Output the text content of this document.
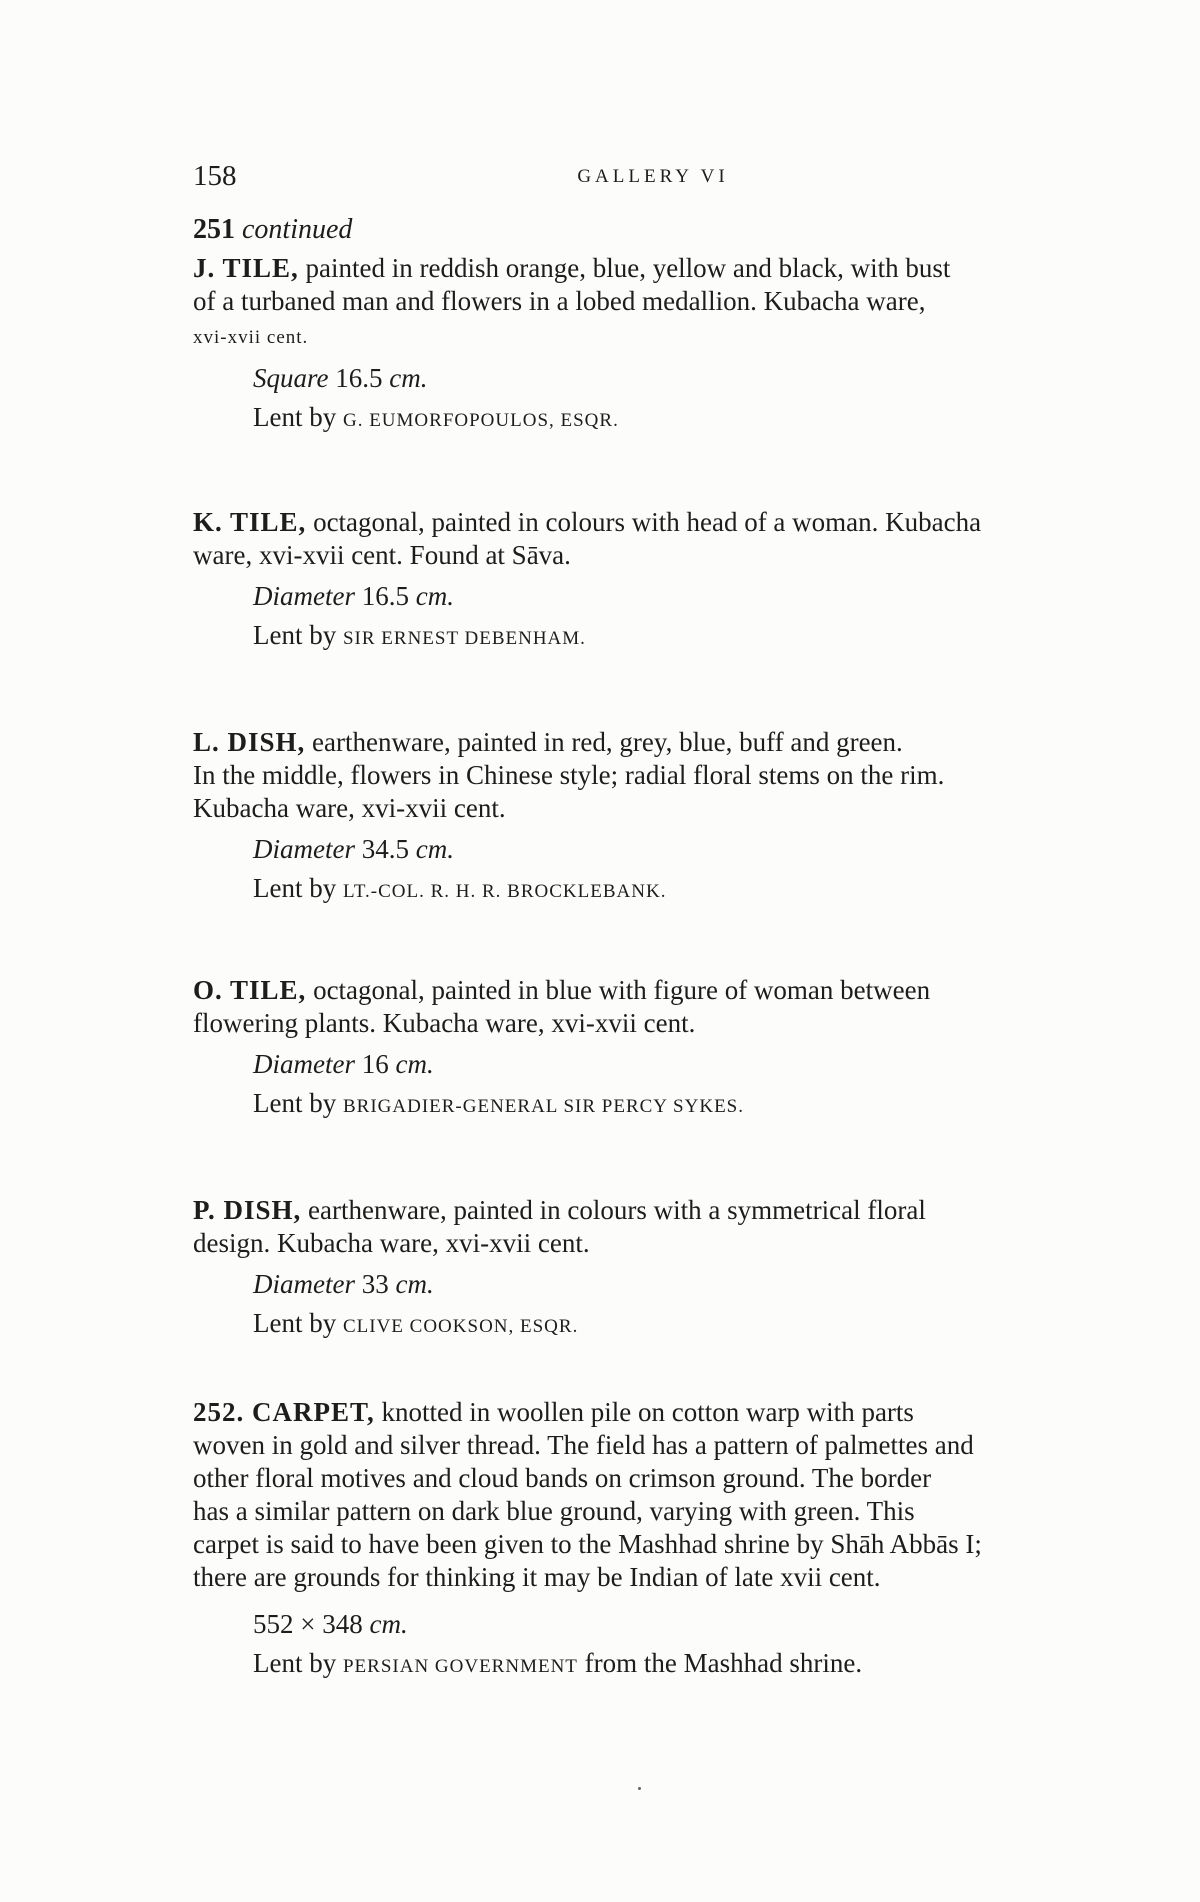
158	GALLERY VI
251 continued

J. TILE, painted in reddish orange, blue, yellow and black, with bust

of a turbaned man and flowers in a lobed medallion. Kubacha ware,

xvi-xvii cent.

Square 16.5 cm.
Lent by G. EUMORFOPOULOS, ESQR.

K. TILE, octagonal, painted in colours with head of a woman. Kubacha

ware, xvi-xvii cent. Found at Sāva.

Diameter 16.5 cm.
Lent by SIR ERNEST DEBENHAM.

L. DISH, earthenware, painted in red, grey, blue, buff and green.

In the middle, flowers in Chinese style; radial floral stems on the rim.

Kubacha ware, xvi-xvii cent.

Diameter 34.5 cm.
Lent by LT.-COL. R. H. R. BROCKLEBANK.

O. TILE, octagonal, painted in blue with figure of woman between

flowering plants. Kubacha ware, xvi-xvii cent.

Diameter 16 cm.
Lent by BRIGADIER-GENERAL SIR PERCY SYKES.

P. DISH, earthenware, painted in colours with a symmetrical floral

design. Kubacha ware, xvi-xvii cent.

Diameter 33 cm.
Lent by CLIVE COOKSON, ESQR.

252. CARPET, knotted in woollen pile on cotton warp with parts

woven in gold and silver thread. The field has a pattern of palmettes and

other floral motives and cloud bands on crimson ground. The border

has a similar pattern on dark blue ground, varying with green. This

carpet is said to have been given to the Mashhad shrine by Shāh Abbās I;

there are grounds for thinking it may be Indian of late xvii cent.

552 × 348 cm.
Lent by PERSIAN GOVERNMENT from the Mashhad shrine.
